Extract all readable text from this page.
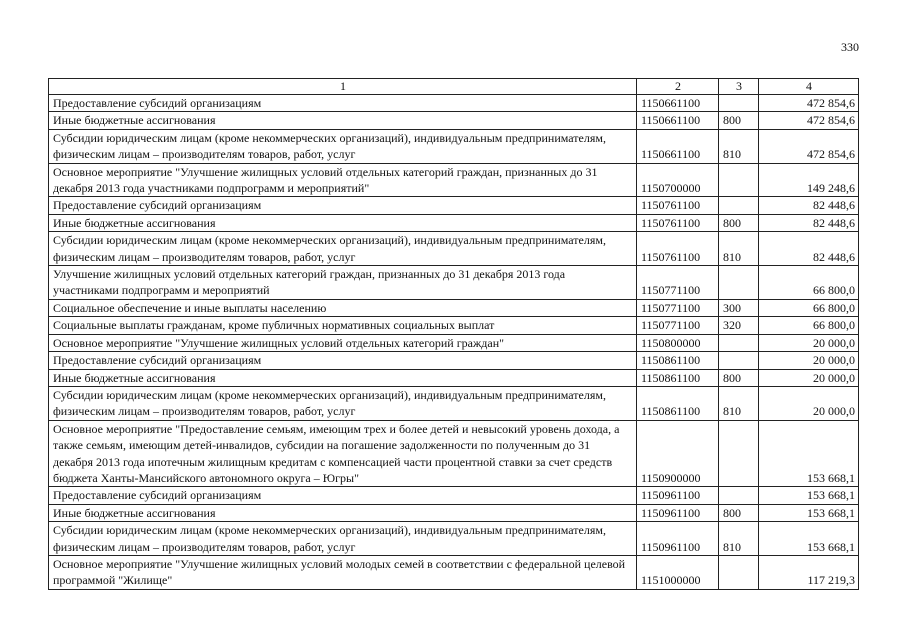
330
1	2	3	4
Предоставление субсидий организациям	1150661100		472 854,6
Иные бюджетные ассигнования	1150661100	800	472 854,6
Субсидии юридическим лицам (кроме некоммерческих организаций), индивидуальным предпринимателям, физическим лицам – производителям товаров, работ, услуг	1150661100	810	472 854,6
Основное мероприятие "Улучшение жилищных условий отдельных категорий граждан, признанных до 31 декабря 2013 года участниками подпрограмм и мероприятий"	1150700000		149 248,6
Предоставление субсидий организациям	1150761100		82 448,6
Иные бюджетные ассигнования	1150761100	800	82 448,6
Субсидии юридическим лицам (кроме некоммерческих организаций), индивидуальным предпринимателям, физическим лицам – производителям товаров, работ, услуг	1150761100	810	82 448,6
Улучшение жилищных условий отдельных категорий граждан, признанных до 31 декабря 2013 года участниками подпрограмм и мероприятий	1150771100		66 800,0
Социальное обеспечение и иные выплаты населению	1150771100	300	66 800,0
Социальные выплаты гражданам, кроме публичных нормативных социальных выплат	1150771100	320	66 800,0
Основное мероприятие "Улучшение жилищных условий отдельных категорий граждан"	1150800000		20 000,0
Предоставление субсидий организациям	1150861100		20 000,0
Иные бюджетные ассигнования	1150861100	800	20 000,0
Субсидии юридическим лицам (кроме некоммерческих организаций), индивидуальным предпринимателям, физическим лицам – производителям товаров, работ, услуг	1150861100	810	20 000,0
Основное мероприятие "Предоставление семьям, имеющим трех и более детей и невысокий уровень дохода, а также семьям, имеющим детей-инвалидов, субсидии на погашение задолженности по полученным до 31 декабря 2013 года ипотечным жилищным кредитам с компенсацией части процентной ставки за счет средств бюджета Ханты-Мансийского автономного округа – Югры"	1150900000		153 668,1
Предоставление субсидий организациям	1150961100		153 668,1
Иные бюджетные ассигнования	1150961100	800	153 668,1
Субсидии юридическим лицам (кроме некоммерческих организаций), индивидуальным предпринимателям, физическим лицам – производителям товаров, работ, услуг	1150961100	810	153 668,1
Основное мероприятие "Улучшение жилищных условий молодых семей в соответствии с федеральной целевой программой "Жилище"	1151000000		117 219,3
